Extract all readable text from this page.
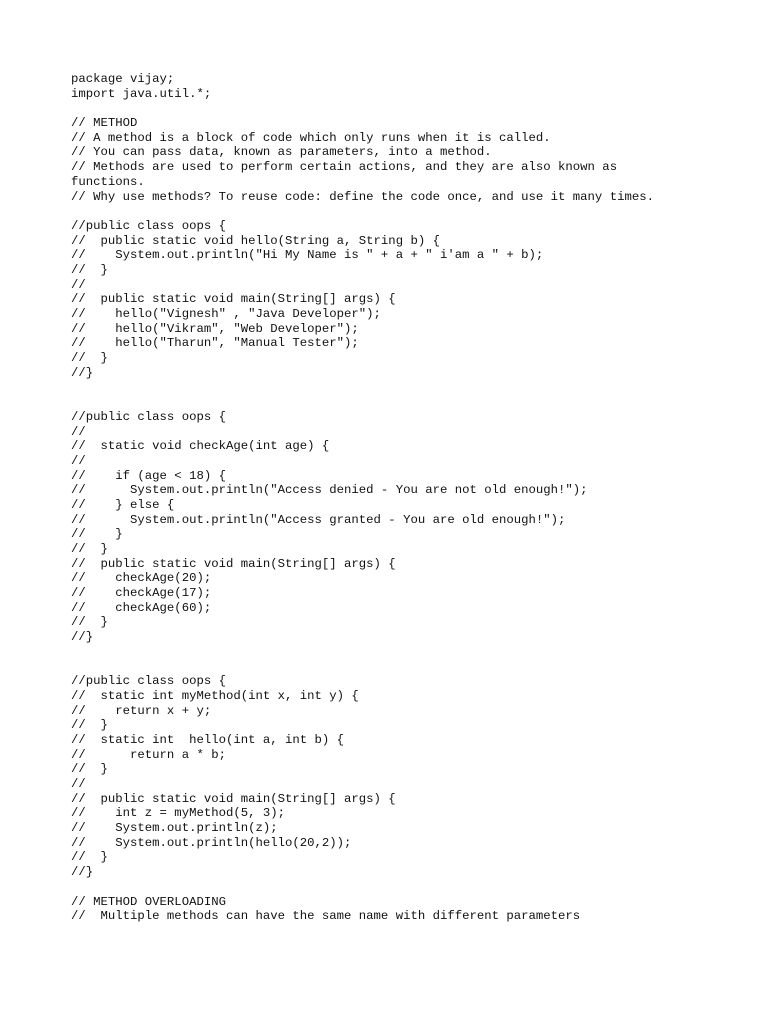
package vijay;
import java.util.*;
// METHOD
// A method is a block of code which only runs when it is called.
// You can pass data, known as parameters, into a method.
// Methods are used to perform certain actions, and they are also known as
functions.
// Why use methods? To reuse code: define the code once, and use it many times.
//public class oops {
//  public static void hello(String a, String b) {
//    System.out.println("Hi My Name is " + a + " i'am a " + b);
//  }
//
//  public static void main(String[] args) {
//    hello("Vignesh" , "Java Developer");
//    hello("Vikram", "Web Developer");
//    hello("Tharun", "Manual Tester");
//  }
//}
//public class oops {
//
//  static void checkAge(int age) {
//
//    if (age < 18) {
//      System.out.println("Access denied - You are not old enough!");
//    } else {
//      System.out.println("Access granted - You are old enough!");
//    }
//  }
//  public static void main(String[] args) {
//    checkAge(20);
//    checkAge(17);
//    checkAge(60);
//  }
//}
//public class oops {
//  static int myMethod(int x, int y) {
//    return x + y;
//  }
//  static int  hello(int a, int b) {
//      return a * b;
//  }
//
//  public static void main(String[] args) {
//    int z = myMethod(5, 3);
//    System.out.println(z);
//    System.out.println(hello(20,2));
//  }
//}
// METHOD OVERLOADING
//  Multiple methods can have the same name with different parameters
